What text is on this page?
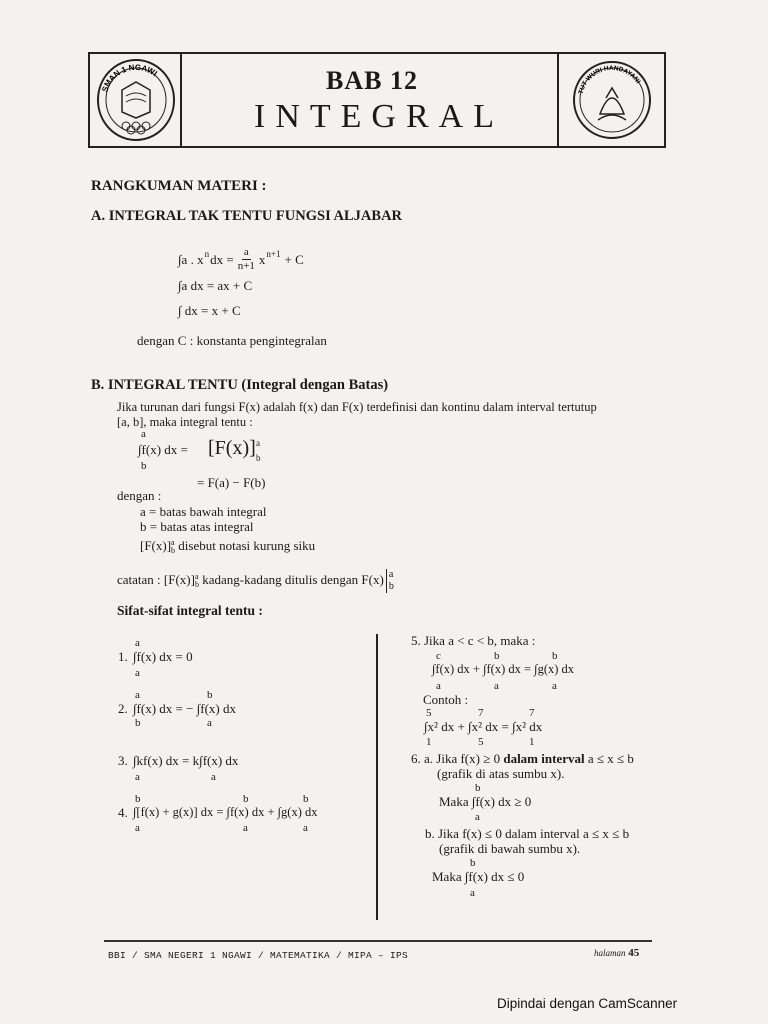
SMAN 1 NGAWI
TUT WURI HANDAYANI
BAB 12
INTEGRAL
RANGKUMAN MATERI :
A. INTEGRAL TAK TENTU FUNGSI ALJABAR
∫a . x n dx = $\frac{a}{n+1}$ x n+1 + C
∫a dx = ax + C
∫ dx = x + C
dengan C : konstanta pengintegralan
B. INTEGRAL TENTU (Integral dengan Batas)
Jika turunan dari fungsi F(x) adalah f(x) dan F(x) terdefinisi dan kontinu dalam interval tertutup
[a, b], maka integral tentu :
a
∫f(x) dx =
b
[F(x)] a
b
= F(a) − F(b)
dengan :
a = batas bawah integral
b = batas atas integral
[F(x)] a
b disebut notasi kurung siku
catatan : [F(x)] a
b kadang-kadang ditulis dengan F(x) a
b
Sifat-sifat integral tentu :
a
1. ∫f(x) dx = 0
a
a	b
2. ∫f(x) dx = − ∫f(x) dx
b	a
3. ∫kf(x) dx = k∫f(x) dx
a	a
b	b	b
4. ∫[f(x) + g(x)] dx = ∫f(x) dx + ∫g(x) dx
a	a	a
5. Jika a < c < b, maka :
c	b	b
∫f(x) dx + ∫f(x) dx = ∫g(x) dx
a	a	a
Contoh :
5	7	7
∫x² dx + ∫x² dx = ∫x² dx
1	5	1
6. a. Jika f(x) ≥ 0 dalam interval a ≤ x ≤ b
(grafik di atas sumbu x).
b
Maka ∫f(x) dx ≥ 0
a
b. Jika f(x) ≤ 0 dalam interval a ≤ x ≤ b
(grafik di bawah sumbu x).
b
Maka ∫f(x) dx ≤ 0
a
BBI / SMA NEGERI 1 NGAWI / MATEMATIKA / MIPA – IPS	halaman 45
Dipindai dengan CamScanner
